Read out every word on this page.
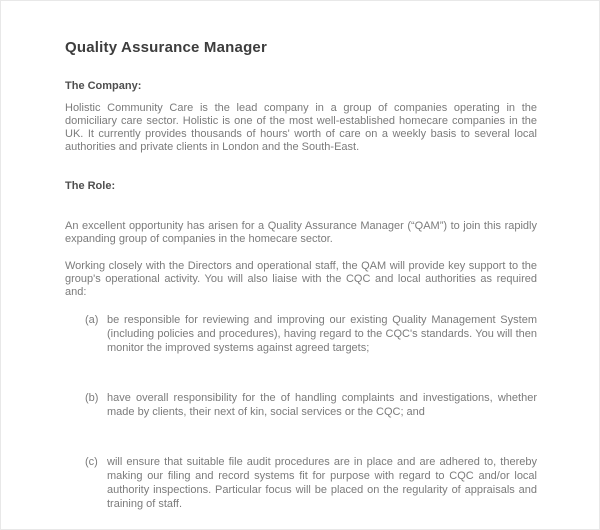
Quality Assurance Manager
The Company:

Holistic Community Care is the lead company in a group of companies operating in the domiciliary care sector. Holistic is one of the most well-established homecare companies in the UK. It currently provides thousands of hours' worth of care on a weekly basis to several local authorities and private clients in London and the South-East.

The Role:

An excellent opportunity has arisen for a Quality Assurance Manager (“QAM”) to join this rapidly expanding group of companies in the homecare sector.

Working closely with the Directors and operational staff, the QAM will provide key support to the group's operational activity. You will also liaise with the CQC and local authorities as required and:

(a) be responsible for reviewing and improving our existing Quality Management System (including policies and procedures), having regard to the CQC's standards. You will then monitor the improved systems against agreed targets;
(b) have overall responsibility for the of handling complaints and investigations, whether made by clients, their next of kin, social services or the CQC; and
(c) will ensure that suitable file audit procedures are in place and are adhered to, thereby making our filing and record systems fit for purpose with regard to CQC and/or local authority inspections. Particular focus will be placed on the regularity of appraisals and training of staff.
